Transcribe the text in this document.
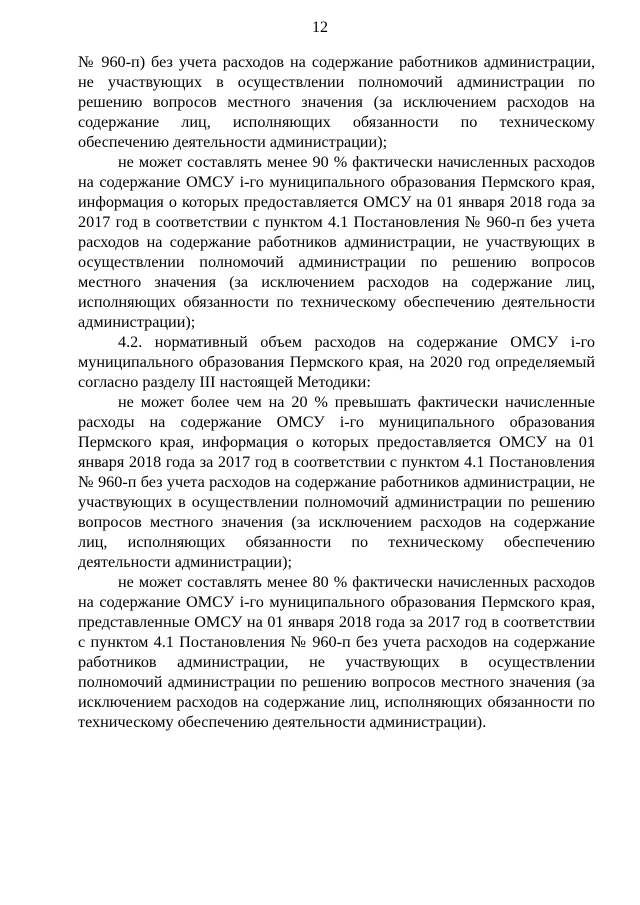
12

№ 960-п) без учета расходов на содержание работников администрации, не участвующих в осуществлении полномочий администрации по решению вопросов местного значения (за исключением расходов на содержание лиц, исполняющих обязанности по техническому обеспечению деятельности администрации);

не может составлять менее 90 % фактически начисленных расходов на содержание ОМСУ i-го муниципального образования Пермского края, информация о которых предоставляется ОМСУ на 01 января 2018 года за 2017 год в соответствии с пунктом 4.1 Постановления № 960-п без учета расходов на содержание работников администрации, не участвующих в осуществлении полномочий администрации по решению вопросов местного значения (за исключением расходов на содержание лиц, исполняющих обязанности по техническому обеспечению деятельности администрации);

4.2. нормативный объем расходов на содержание ОМСУ i-го муниципального образования Пермского края, на 2020 год определяемый согласно разделу III настоящей Методики:

не может более чем на 20 % превышать фактически начисленные расходы на содержание ОМСУ i-го муниципального образования Пермского края, информация о которых предоставляется ОМСУ на 01 января 2018 года за 2017 год в соответствии с пунктом 4.1 Постановления № 960-п без учета расходов на содержание работников администрации, не участвующих в осуществлении полномочий администрации по решению вопросов местного значения (за исключением расходов на содержание лиц, исполняющих обязанности по техническому обеспечению деятельности администрации);

не может составлять менее 80 % фактически начисленных расходов на содержание ОМСУ i-го муниципального образования Пермского края, представленные ОМСУ на 01 января 2018 года за 2017 год в соответствии с пунктом 4.1 Постановления № 960-п без учета расходов на содержание работников администрации, не участвующих в осуществлении полномочий администрации по решению вопросов местного значения (за исключением расходов на содержание лиц, исполняющих обязанности по техническому обеспечению деятельности администрации).
